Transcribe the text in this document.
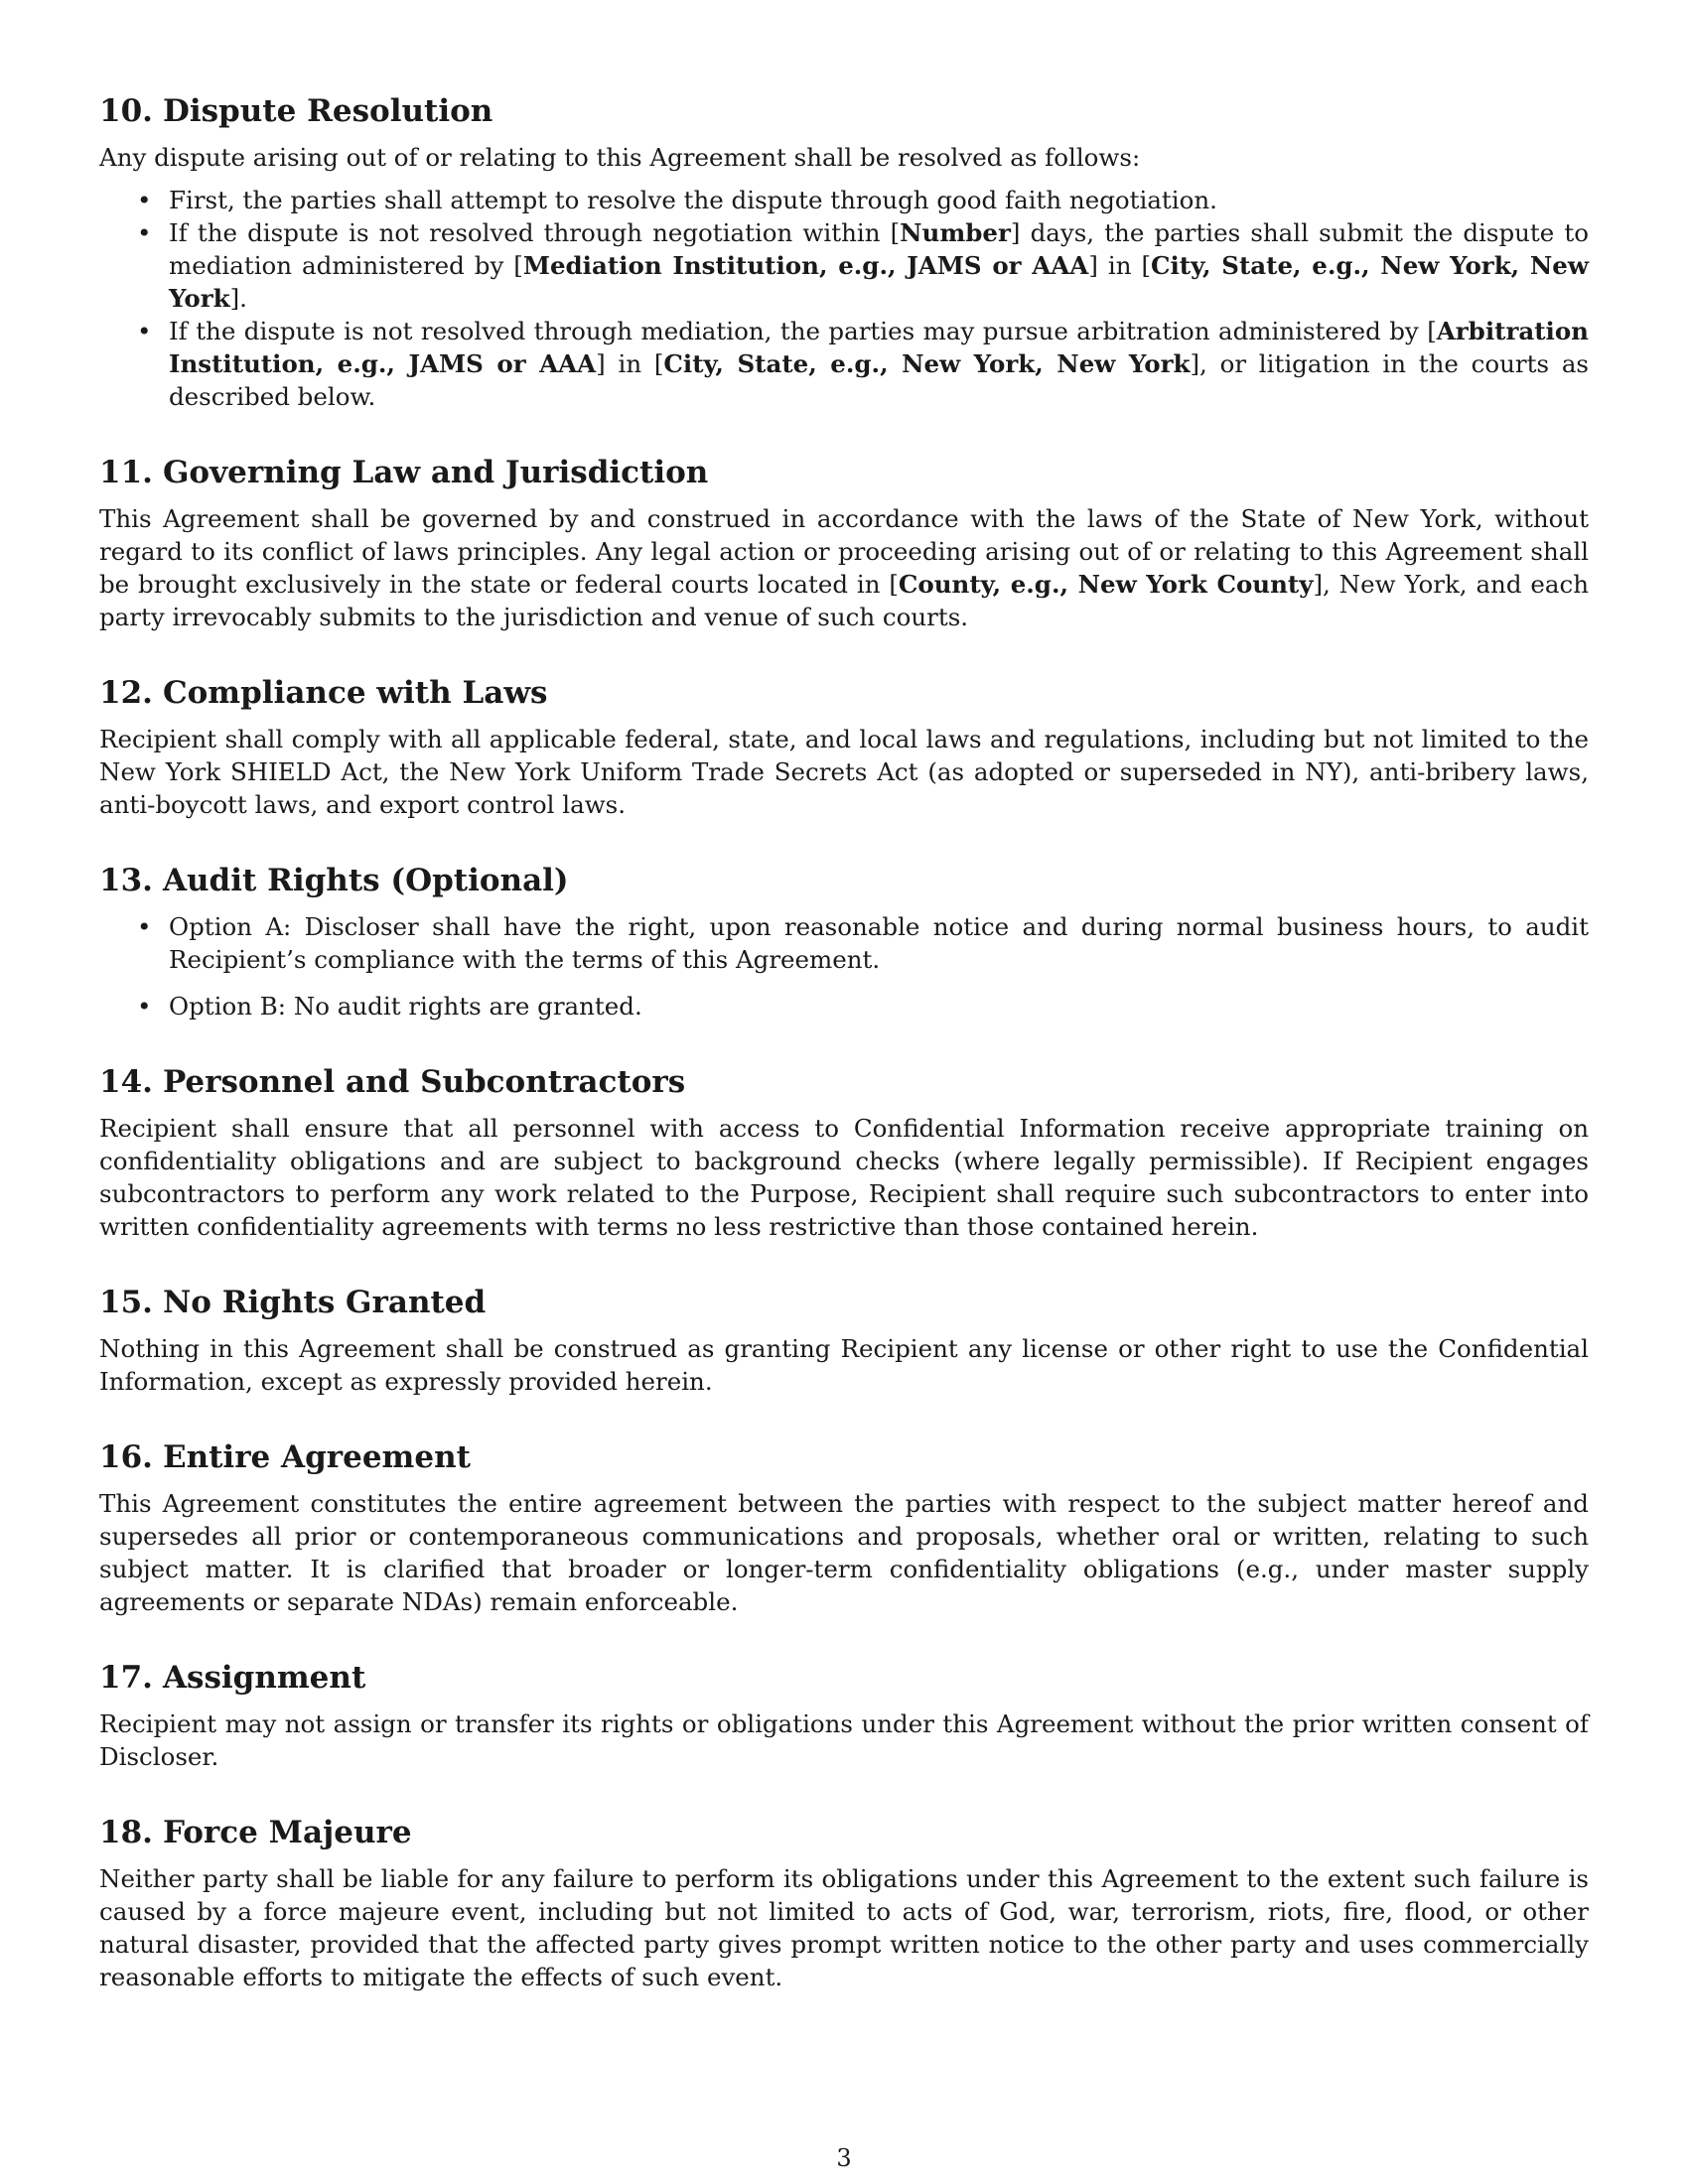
10. Dispute Resolution

Any dispute arising out of or relating to this Agreement shall be resolved as follows:

• First, the parties shall attempt to resolve the dispute through good faith negotiation.
• If the dispute is not resolved through negotiation within [Number] days, the parties shall submit the dispute to mediation administered by [Mediation Institution, e.g., JAMS or AAA] in [City, State, e.g., New York, New York].
• If the dispute is not resolved through mediation, the parties may pursue arbitration administered by [Arbitration Institution, e.g., JAMS or AAA] in [City, State, e.g., New York, New York], or litigation in the courts as described below.
11. Governing Law and Jurisdiction

This Agreement shall be governed by and construed in accordance with the laws of the State of New York, without regard to its conflict of laws principles. Any legal action or proceeding arising out of or relating to this Agreement shall be brought exclusively in the state or federal courts located in [County, e.g., New York County], New York, and each party irrevocably submits to the jurisdiction and venue of such courts.

12. Compliance with Laws

Recipient shall comply with all applicable federal, state, and local laws and regulations, including but not limited to the New York SHIELD Act, the New York Uniform Trade Secrets Act (as adopted or superseded in NY), anti-bribery laws, anti-boycott laws, and export control laws.

13. Audit Rights (Optional)
• Option A: Discloser shall have the right, upon reasonable notice and during normal business hours, to audit Recipient’s compliance with the terms of this Agreement.
• Option B: No audit rights are granted.
14. Personnel and Subcontractors

Recipient shall ensure that all personnel with access to Confidential Information receive appropriate training on confidentiality obligations and are subject to background checks (where legally permissible). If Recipient engages subcontractors to perform any work related to the Purpose, Recipient shall require such subcontractors to enter into written confidentiality agreements with terms no less restrictive than those contained herein.

15. No Rights Granted

Nothing in this Agreement shall be construed as granting Recipient any license or other right to use the Confidential Information, except as expressly provided herein.

16. Entire Agreement

This Agreement constitutes the entire agreement between the parties with respect to the subject matter hereof and supersedes all prior or contemporaneous communications and proposals, whether oral or written, relating to such subject matter. It is clarified that broader or longer-term confidentiality obligations (e.g., under master supply agreements or separate NDAs) remain enforceable.

17. Assignment

Recipient may not assign or transfer its rights or obligations under this Agreement without the prior written consent of Discloser.

18. Force Majeure

Neither party shall be liable for any failure to perform its obligations under this Agreement to the extent such failure is caused by a force majeure event, including but not limited to acts of God, war, terrorism, riots, fire, flood, or other natural disaster, provided that the affected party gives prompt written notice to the other party and uses commercially reasonable efforts to mitigate the effects of such event.

3
